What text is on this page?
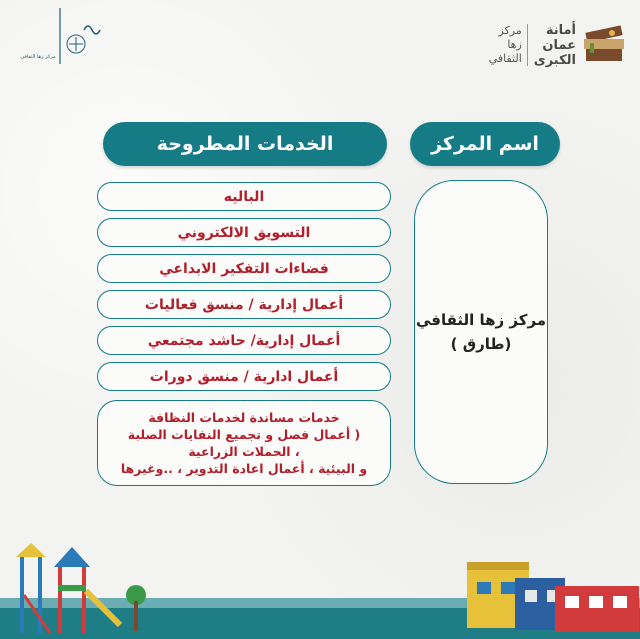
أمانة
عمان
الكبرى
مركز زها
الثقافي
مركز زها الثقافي
الخدمات المطروحة	اسم المركز
الباليه
التسويق الالكتروني
فضاءات التفكير الابداعي
أعمال إدارية / منسق فعاليات
أعمال إدارية/ حاشد مجتمعي
أعمال ادارية / منسق دورات
خدمات مساندة لخدمات النظافة
( أعمال فصل و تجميع النفايات الصلبة
، الحملات الزراعية
و البيئية ، أعمال اعادة التدوير ، ..وغيرها
مركز زها الثقافي
(طارق )
